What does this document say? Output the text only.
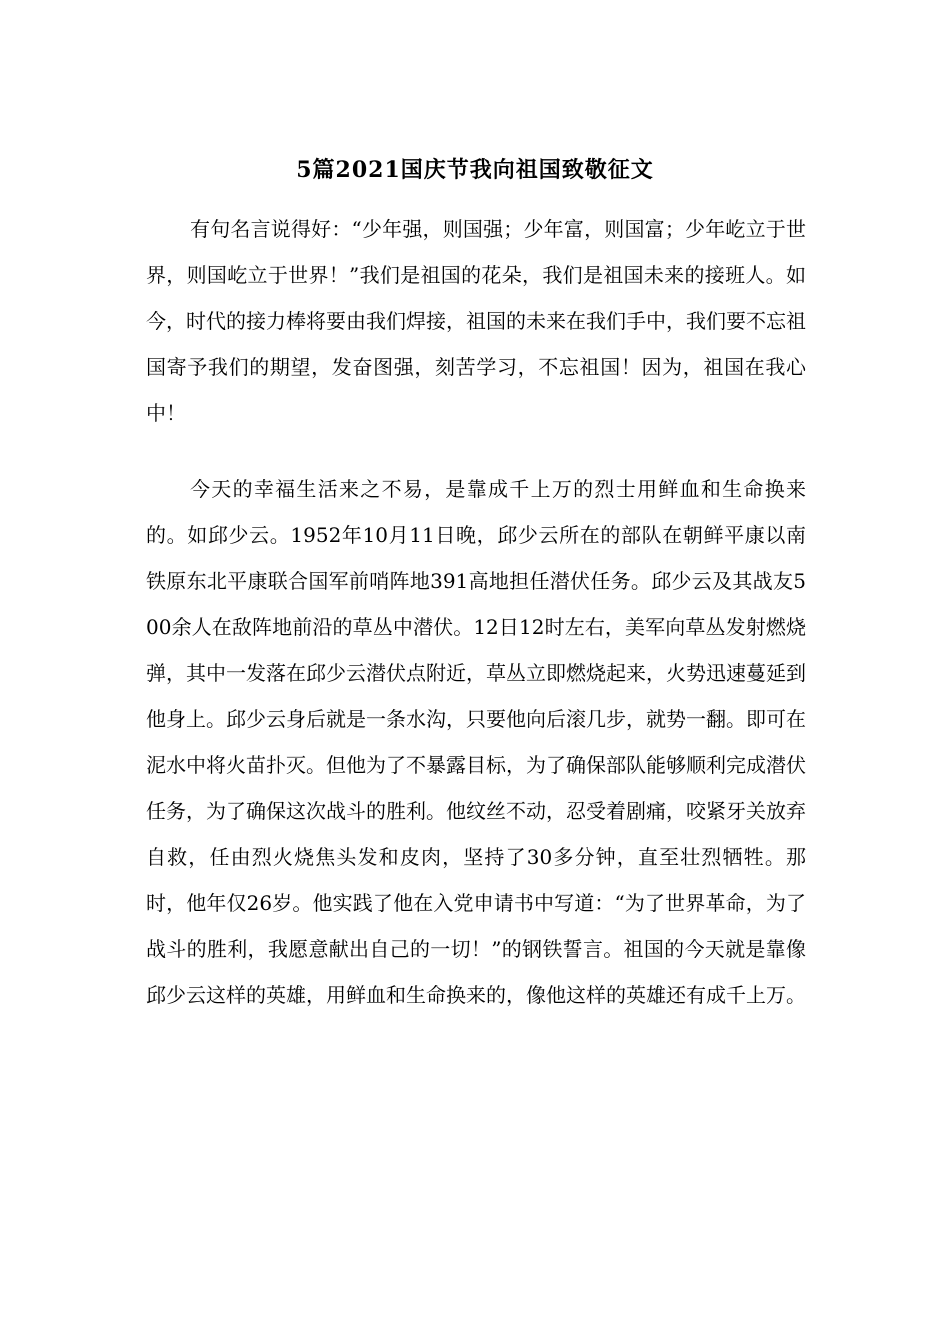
5篇2021国庆节我向祖国致敬征文

有句名言说得好：“少年强，则国强；少年富，则国富；少年屹立于世界，则国屹立于世界！”我们是祖国的花朵，我们是祖国未来的接班人。如今，时代的接力棒将要由我们焊接，祖国的未来在我们手中，我们要不忘祖国寄予我们的期望，发奋图强，刻苦学习，不忘祖国！因为，祖国在我心中！

今天的幸福生活来之不易，是靠成千上万的烈士用鲜血和生命换来的。如邱少云。1952年10月11日晚，邱少云所在的部队在朝鲜平康以南铁原东北平康联合国军前哨阵地391高地担任潜伏任务。邱少云及其战友500余人在敌阵地前沿的草丛中潜伏。12日12时左右，美军向草丛发射燃烧弹，其中一发落在邱少云潜伏点附近，草丛立即燃烧起来，火势迅速蔓延到他身上。邱少云身后就是一条水沟，只要他向后滚几步，就势一翻。即可在泥水中将火苗扑灭。但他为了不暴露目标，为了确保部队能够顺利完成潜伏任务，为了确保这次战斗的胜利。他纹丝不动，忍受着剧痛，咬紧牙关放弃自救，任由烈火烧焦头发和皮肉，坚持了30多分钟，直至壮烈牺牲。那时，他年仅26岁。他实践了他在入党申请书中写道：“为了世界革命，为了战斗的胜利，我愿意献出自己的一切！”的钢铁誓言。祖国的今天就是靠像邱少云这样的英雄，用鲜血和生命换来的，像他这样的英雄还有成千上万。
